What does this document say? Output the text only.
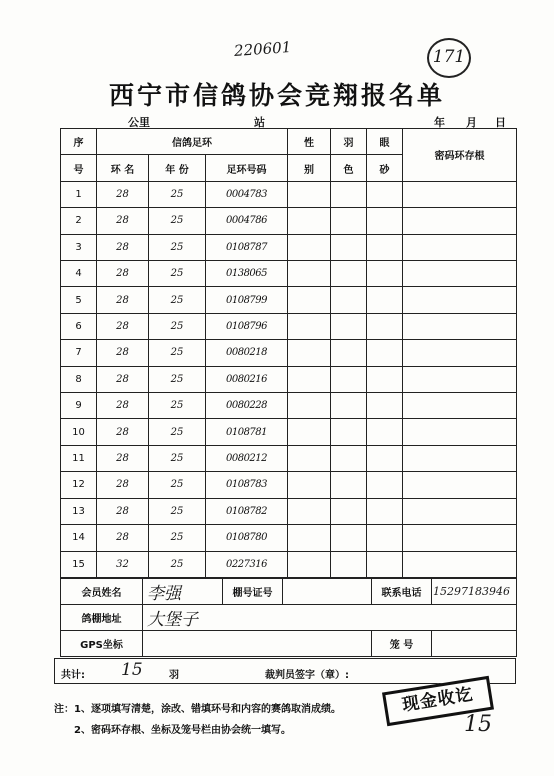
220601	171
西宁市信鸽协会竞翔报名单
公里	站	年 月 日
序	信鸽足环			性	羽	眼	密码环存根
号	环 名	年 份	足环号码	别	色	砂	
1	28	25	0004783				
2	28	25	0004786				
3	28	25	0108787				
4	28	25	0138065				
5	28	25	0108799				
6	28	25	0108796				
7	28	25	0080218				
8	28	25	0080216				
9	28	25	0080228				
10	28	25	0108781				
11	28	25	0080212				
12	28	25	0108783				
13	28	25	0108782				
14	28	25	0108780				
15	32	25	0227316				
会员姓名	李强	棚号证号		联系电话	15297183946
鸽棚地址	大堡子				
GPS坐标				笼 号	
共计: 15	羽	裁判员签字（章）:
注：1、逐项填写清楚，涂改、错填环号和内容的赛鸽取消成绩。
2、密码环存根、坐标及笼号栏由协会统一填写。
现金收讫
15
